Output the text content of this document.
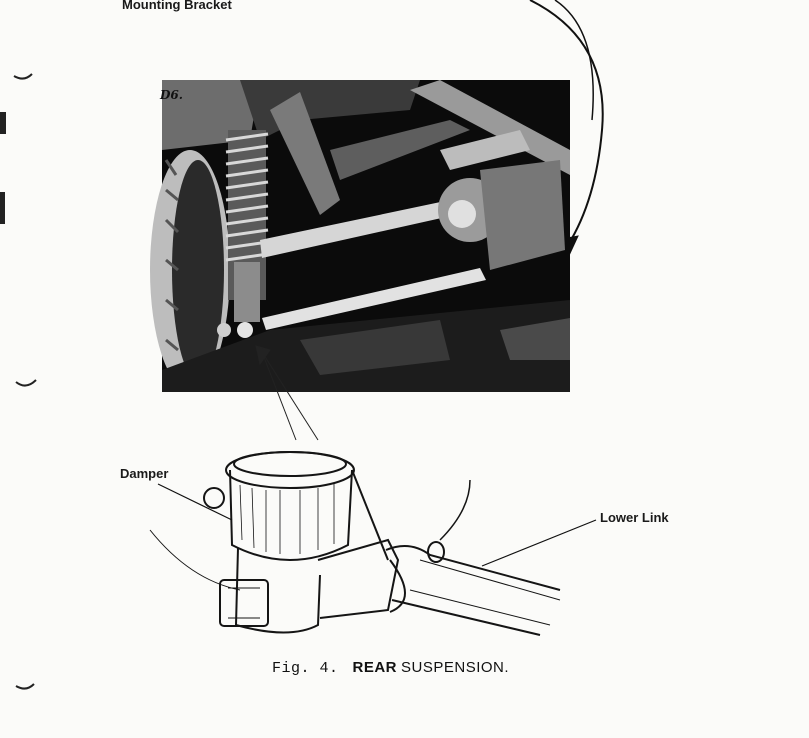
Mounting Bracket
D6.
Damper
Lower Link
Fig. 4. REAR SUSPENSION.
